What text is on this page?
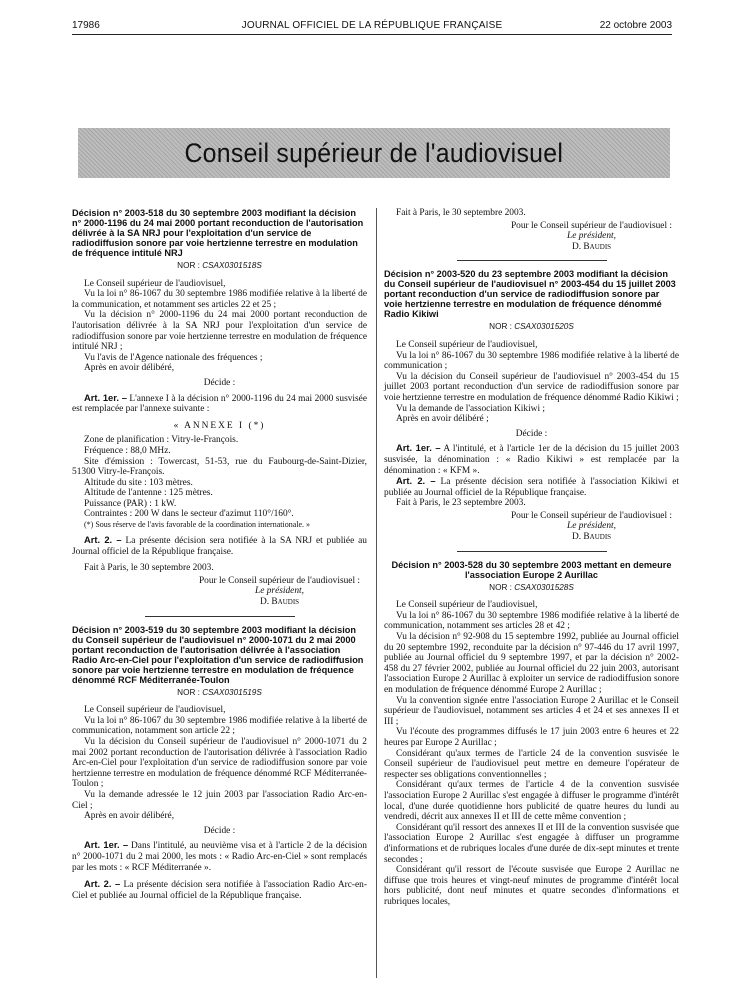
17986	JOURNAL OFFICIEL DE LA RÉPUBLIQUE FRANÇAISE	22 octobre 2003
Conseil supérieur de l'audiovisuel
Décision n° 2003-518 du 30 septembre 2003 modifiant la décision n° 2000-1196 du 24 mai 2000 portant reconduction de l'autorisation délivrée à la SA NRJ pour l'exploitation d'un service de radiodiffusion sonore par voie hertzienne terrestre en modulation de fréquence intitulé NRJ
NOR : CSAX0301518S

Le Conseil supérieur de l'audiovisuel,

Vu la loi n° 86-1067 du 30 septembre 1986 modifiée relative à la liberté de la communication, et notamment ses articles 22 et 25 ;

Vu la décision n° 2000-1196 du 24 mai 2000 portant reconduction de l'autorisation délivrée à la SA NRJ pour l'exploitation d'un service de radiodiffusion sonore par voie hertzienne terrestre en modulation de fréquence intitulé NRJ ;

Vu l'avis de l'Agence nationale des fréquences ;

Après en avoir délibéré,

Décide :

Art. 1er. – L'annexe I à la décision n° 2000-1196 du 24 mai 2000 susvisée est remplacée par l'annexe suivante :

« ANNEXE I (*)

Zone de planification : Vitry-le-François.

Fréquence : 88,0 MHz.

Site d'émission : Towercast, 51-53, rue du Faubourg-de-Saint-Dizier, 51300 Vitry-le-François.

Altitude du site : 103 mètres.

Altitude de l'antenne : 125 mètres.

Puissance (PAR) : 1 kW.

Contraintes : 200 W dans le secteur d'azimut 110°/160°.

(*) Sous réserve de l'avis favorable de la coordination internationale. »

Art. 2. – La présente décision sera notifiée à la SA NRJ et publiée au Journal officiel de la République française.

Fait à Paris, le 30 septembre 2003.

Pour le Conseil supérieur de l'audiovisuel :
Le président,
D. Baudis
Décision n° 2003-519 du 30 septembre 2003 modifiant la décision du Conseil supérieur de l'audiovisuel n° 2000-1071 du 2 mai 2000 portant reconduction de l'autorisation délivrée à l'association Radio Arc-en-Ciel pour l'exploitation d'un service de radiodiffusion sonore par voie hertzienne terrestre en modulation de fréquence dénommé RCF Méditerranée-Toulon
NOR : CSAX0301519S

Le Conseil supérieur de l'audiovisuel,

Vu la loi n° 86-1067 du 30 septembre 1986 modifiée relative à la liberté de communication, notamment son article 22 ;

Vu la décision du Conseil supérieur de l'audiovisuel n° 2000-1071 du 2 mai 2002 portant reconduction de l'autorisation délivrée à l'association Radio Arc-en-Ciel pour l'exploitation d'un service de radiodiffusion sonore par voie hertzienne terrestre en modulation de fréquence dénommé RCF Méditerranée-Toulon ;

Vu la demande adressée le 12 juin 2003 par l'association Radio Arc-en-Ciel ;

Après en avoir délibéré,

Décide :

Art. 1er. – Dans l'intitulé, au neuvième visa et à l'article 2 de la décision n° 2000-1071 du 2 mai 2000, les mots : « Radio Arc-en-Ciel » sont remplacés par les mots : « RCF Méditerranée ».

Art. 2. – La présente décision sera notifiée à l'association Radio Arc-en-Ciel et publiée au Journal officiel de la République française.

Fait à Paris, le 30 septembre 2003.

Pour le Conseil supérieur de l'audiovisuel :
Le président,
D. Baudis
Décision n° 2003-520 du 23 septembre 2003 modifiant la décision du Conseil supérieur de l'audiovisuel n° 2003-454 du 15 juillet 2003 portant reconduction d'un service de radiodiffusion sonore par voie hertzienne terrestre en modulation de fréquence dénommé Radio Kikiwi
NOR : CSAX0301520S

Le Conseil supérieur de l'audiovisuel,

Vu la loi n° 86-1067 du 30 septembre 1986 modifiée relative à la liberté de communication ;

Vu la décision du Conseil supérieur de l'audiovisuel n° 2003-454 du 15 juillet 2003 portant reconduction d'un service de radiodiffusion sonore par voie hertzienne terrestre en modulation de fréquence dénommé Radio Kikiwi ;

Vu la demande de l'association Kikiwi ;

Après en avoir délibéré ;

Décide :

Art. 1er. – A l'intitulé, et à l'article 1er de la décision du 15 juillet 2003 susvisée, la dénomination : « Radio Kikiwi » est remplacée par la dénomination : « KFM ».

Art. 2. – La présente décision sera notifiée à l'association Kikiwi et publiée au Journal officiel de la République française.

Fait à Paris, le 23 septembre 2003.

Pour le Conseil supérieur de l'audiovisuel :
Le président,
D. Baudis
Décision n° 2003-528 du 30 septembre 2003 mettant en demeure l'association Europe 2 Aurillac
NOR : CSAX0301528S

Le Conseil supérieur de l'audiovisuel,

Vu la loi n° 86-1067 du 30 septembre 1986 modifiée relative à la liberté de communication, notamment ses articles 28 et 42 ;

Vu la décision n° 92-908 du 15 septembre 1992, publiée au Journal officiel du 20 septembre 1992, reconduite par la décision n° 97-446 du 17 avril 1997, publiée au Journal officiel du 9 septembre 1997, et par la décision n° 2002-458 du 27 février 2002, publiée au Journal officiel du 22 juin 2003, autorisant l'association Europe 2 Aurillac à exploiter un service de radiodiffusion sonore en modulation de fréquence dénommé Europe 2 Aurillac ;

Vu la convention signée entre l'association Europe 2 Aurillac et le Conseil supérieur de l'audiovisuel, notamment ses articles 4 et 24 et ses annexes II et III ;

Vu l'écoute des programmes diffusés le 17 juin 2003 entre 6 heures et 22 heures par Europe 2 Aurillac ;

Considérant qu'aux termes de l'article 24 de la convention susvisée le Conseil supérieur de l'audiovisuel peut mettre en demeure l'opérateur de respecter ses obligations conventionnelles ;

Considérant qu'aux termes de l'article 4 de la convention susvisée l'association Europe 2 Aurillac s'est engagée à diffuser le programme d'intérêt local, d'une durée quotidienne hors publicité de quatre heures du lundi au vendredi, décrit aux annexes II et III de cette même convention ;

Considérant qu'il ressort des annexes II et III de la convention susvisée que l'association Europe 2 Aurillac s'est engagée à diffuser un programme d'informations et de rubriques locales d'une durée de dix-sept minutes et trente secondes ;

Considérant qu'il ressort de l'écoute susvisée que Europe 2 Aurillac ne diffuse que trois heures et vingt-neuf minutes de programme d'intérêt local hors publicité, dont neuf minutes et quatre secondes d'informations et rubriques locales,
